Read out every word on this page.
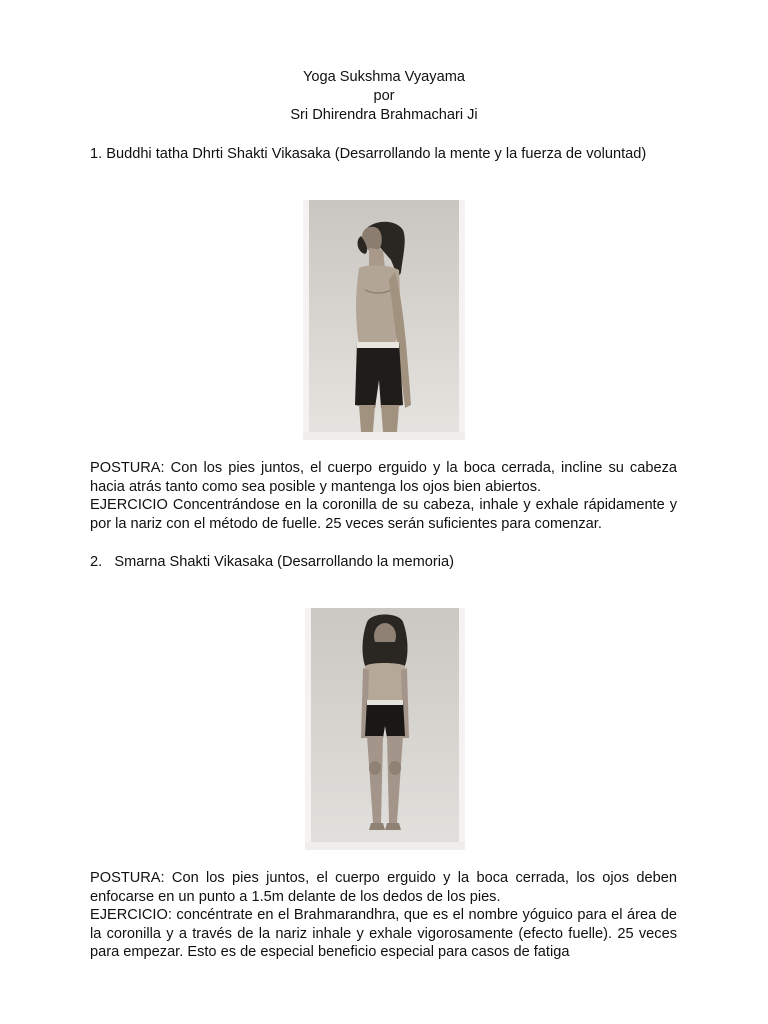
Yoga Sukshma Vyayama
por
Sri Dhirendra Brahmachari Ji
1. Buddhi tatha Dhrti Shakti Vikasaka (Desarrollando la mente y la fuerza de voluntad)

POSTURA: Con los pies juntos, el cuerpo erguido y la boca cerrada, incline su cabeza hacia atrás tanto como sea posible y mantenga los ojos bien abiertos.

EJERCICIO Concentrándose en la coronilla de su cabeza, inhale y exhale rápidamente y por la nariz con el método de fuelle. 25 veces serán suficientes para comenzar.

2. Smarna Shakti Vikasaka (Desarrollando la memoria)

POSTURA: Con los pies juntos, el cuerpo erguido y la boca cerrada, los ojos deben enfocarse en un punto a 1.5m delante de los dedos de los pies.

EJERCICIO: concéntrate en el Brahmarandhra, que es el nombre yóguico para el área de la coronilla y a través de la nariz inhale y exhale vigorosamente (efecto fuelle). 25 veces para empezar. Esto es de especial beneficio especial para casos de fatiga
